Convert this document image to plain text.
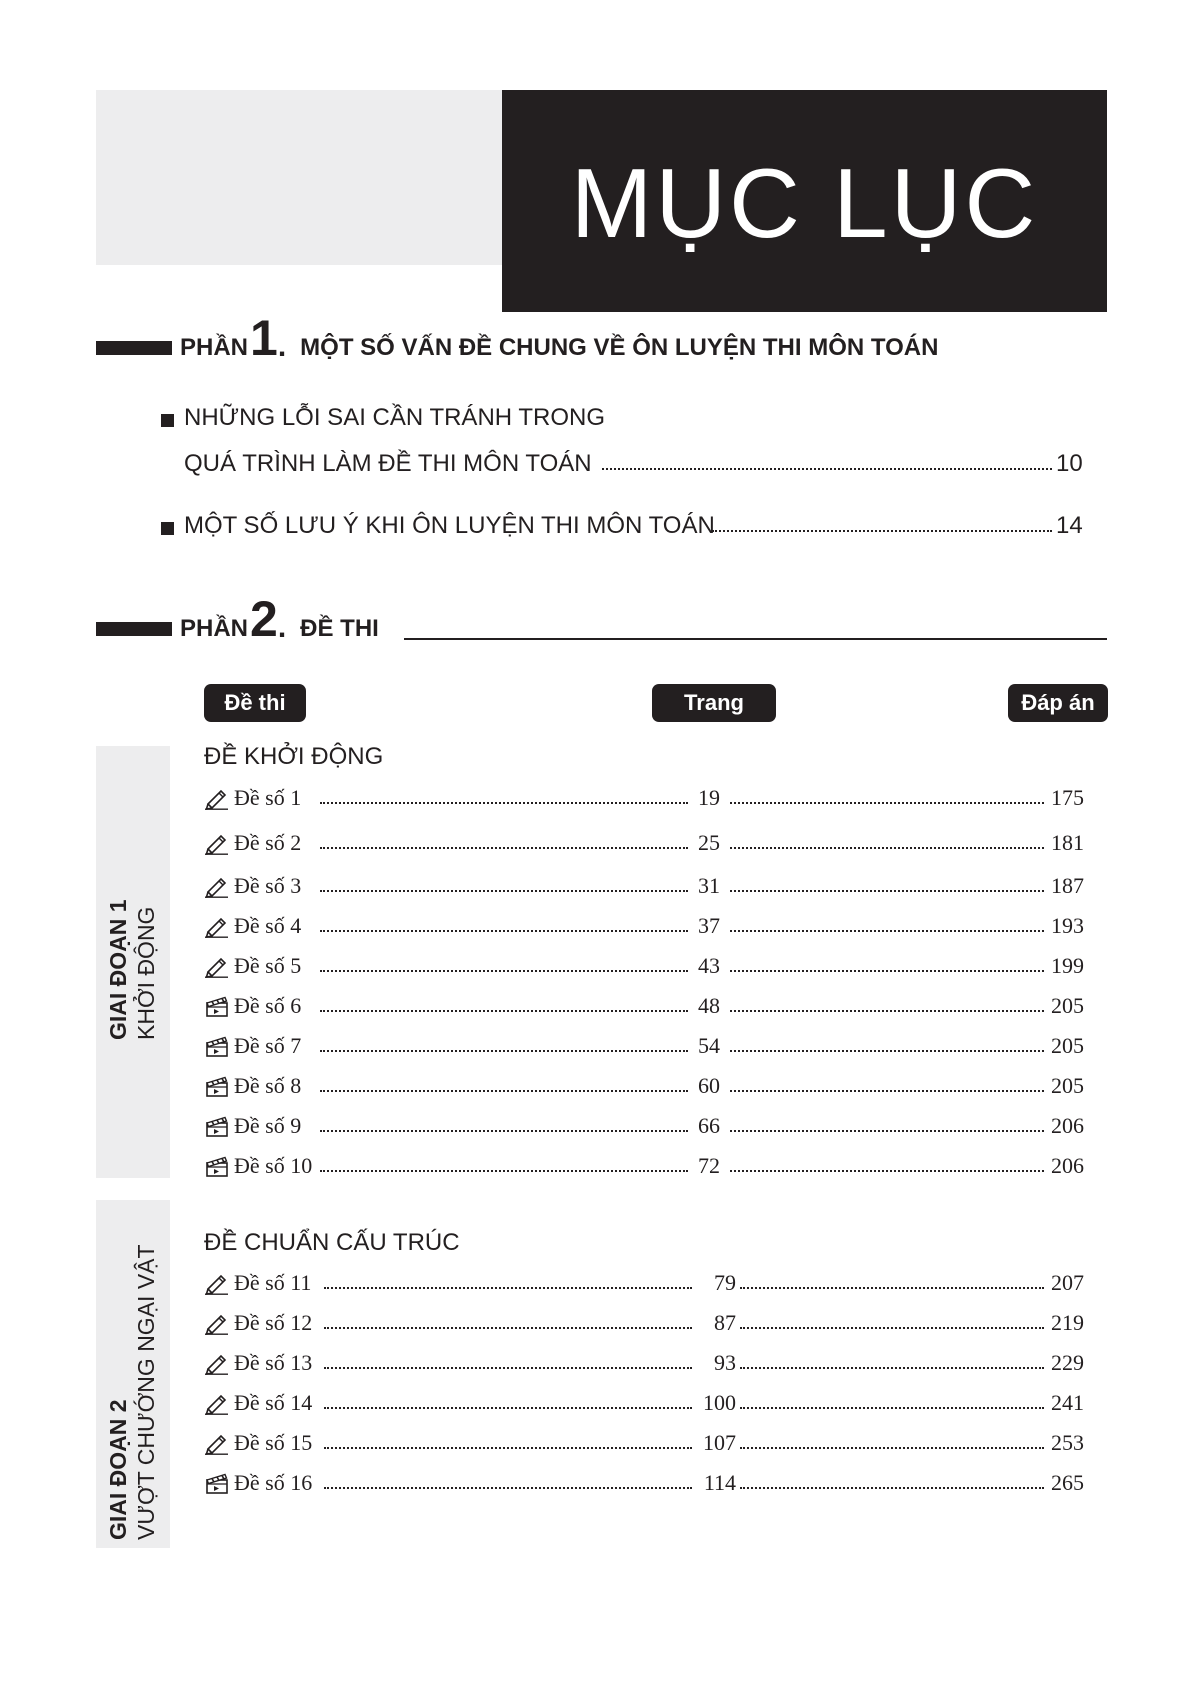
MỤC LỤC
PHẦN 1 . MỘT SỐ VẤN ĐỀ CHUNG VỀ ÔN LUYỆN THI MÔN TOÁN
NHỮNG LỖI SAI CẦN TRÁNH TRONG
QUÁ TRÌNH LÀM ĐỀ THI MÔN TOÁN	10
MỘT SỐ LƯU Ý KHI ÔN LUYỆN THI MÔN TOÁN	14
PHẦN 2 . ĐỀ THI
Đề thi	Trang	Đáp án
GIAI ĐOẠN 1 KHỞI ĐỘNG
ĐỀ KHỞI ĐỘNG
Đề số 1	19	175
Đề số 2	25	181
Đề số 3	31	187
Đề số 4	37	193
Đề số 5	43	199
Đề số 6	48	205
Đề số 7	54	205
Đề số 8	60	205
Đề số 9	66	206
Đề số 10	72	206
GIAI ĐOẠN 2 VƯỢT CHƯỚNG NGẠI VẬT
ĐỀ CHUẨN CẤU TRÚC
Đề số 11	79	207
Đề số 12	87	219
Đề số 13	93	229
Đề số 14	100	241
Đề số 15	107	253
Đề số 16	114	265
